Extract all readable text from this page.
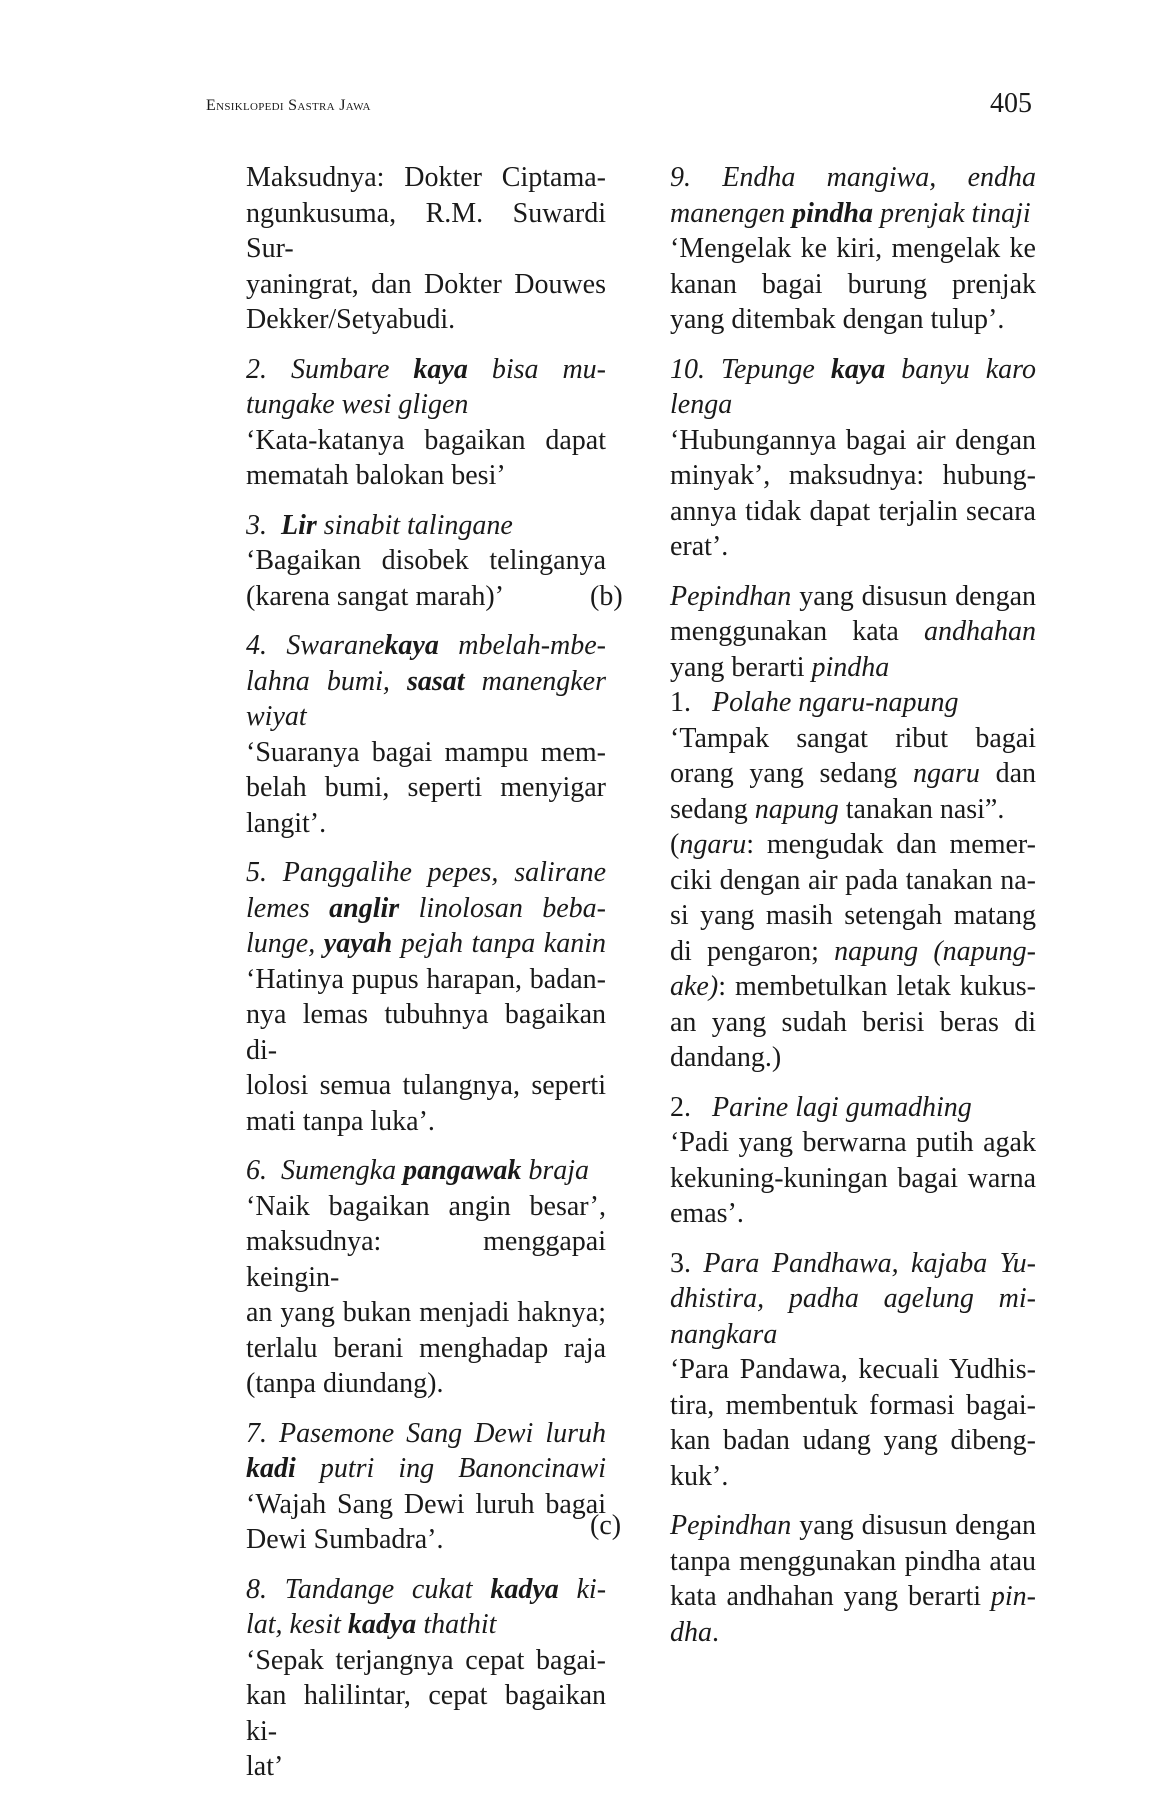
Ensiklopedi Sastra Jawa	405
Maksudnya: Dokter Ciptama-
ngunkusuma, R.M. Suwardi Sur-
yaningrat, dan Dokter Douwes
Dekker/Setyabudi.
2. Sumbare kaya bisa mu-
tungake wesi gligen
‘Kata-katanya bagaikan dapat
mematah balokan besi’
3. Lir sinabit talingane
‘Bagaikan disobek telinganya
(karena sangat marah)’
4. Swaranekaya mbelah-mbe-
lahna bumi, sasat manengker
wiyat
‘Suaranya bagai mampu mem-
belah bumi, seperti menyigar
langit’.
5. Panggalihe pepes, salirane
lemes anglir linolosan beba-
lunge, yayah pejah tanpa kanin
‘Hatinya pupus harapan, badan-
nya lemas tubuhnya bagaikan di-
lolosi semua tulangnya, seperti
mati tanpa luka’.
6. Sumengka pangawak braja
‘Naik bagaikan angin besar’,
maksudnya: menggapai keingin-
an yang bukan menjadi haknya;
terlalu berani menghadap raja
(tanpa diundang).
7. Pasemone Sang Dewi luruh
kadi putri ing Banoncinawi
‘Wajah Sang Dewi luruh bagai
Dewi Sumbadra’.
8. Tandange cukat kadya ki-
lat, kesit kadya thathit
‘Sepak terjangnya cepat bagai-
kan halilintar, cepat bagaikan ki-
lat’
9. Endha mangiwa, endha
manengen pindha prenjak tinaji
‘Mengelak ke kiri, mengelak ke
kanan bagai burung prenjak
yang ditembak dengan tulup’.
10. Tepunge kaya banyu karo
lenga
‘Hubungannya bagai air dengan
minyak’, maksudnya: hubung-
annya tidak dapat terjalin secara
erat’.
(b) Pepindhan yang disusun dengan
menggunakan kata andhahan
yang berarti pindha
1. Polahe ngaru-napung
‘Tampak sangat ribut bagai
orang yang sedang ngaru dan
sedang napung tanakan nasi”.
(ngaru: mengudak dan memer-
ciki dengan air pada tanakan na-
si yang masih setengah matang
di pengaron; napung (napung-
ake): membetulkan letak kukus-
an yang sudah berisi beras di
dandang.)
2. Parine lagi gumadhing
‘Padi yang berwarna putih agak
kekuning-kuningan bagai warna
emas’.
3. Para Pandhawa, kajaba Yu-
dhistira, padha agelung mi-
nangkara
‘Para Pandawa, kecuali Yudhis-
tira, membentuk formasi bagai-
kan badan udang yang dibeng-
kuk’.
(c) Pepindhan yang disusun dengan
tanpa menggunakan pindha atau
kata andhahan yang berarti pin-
dha.
